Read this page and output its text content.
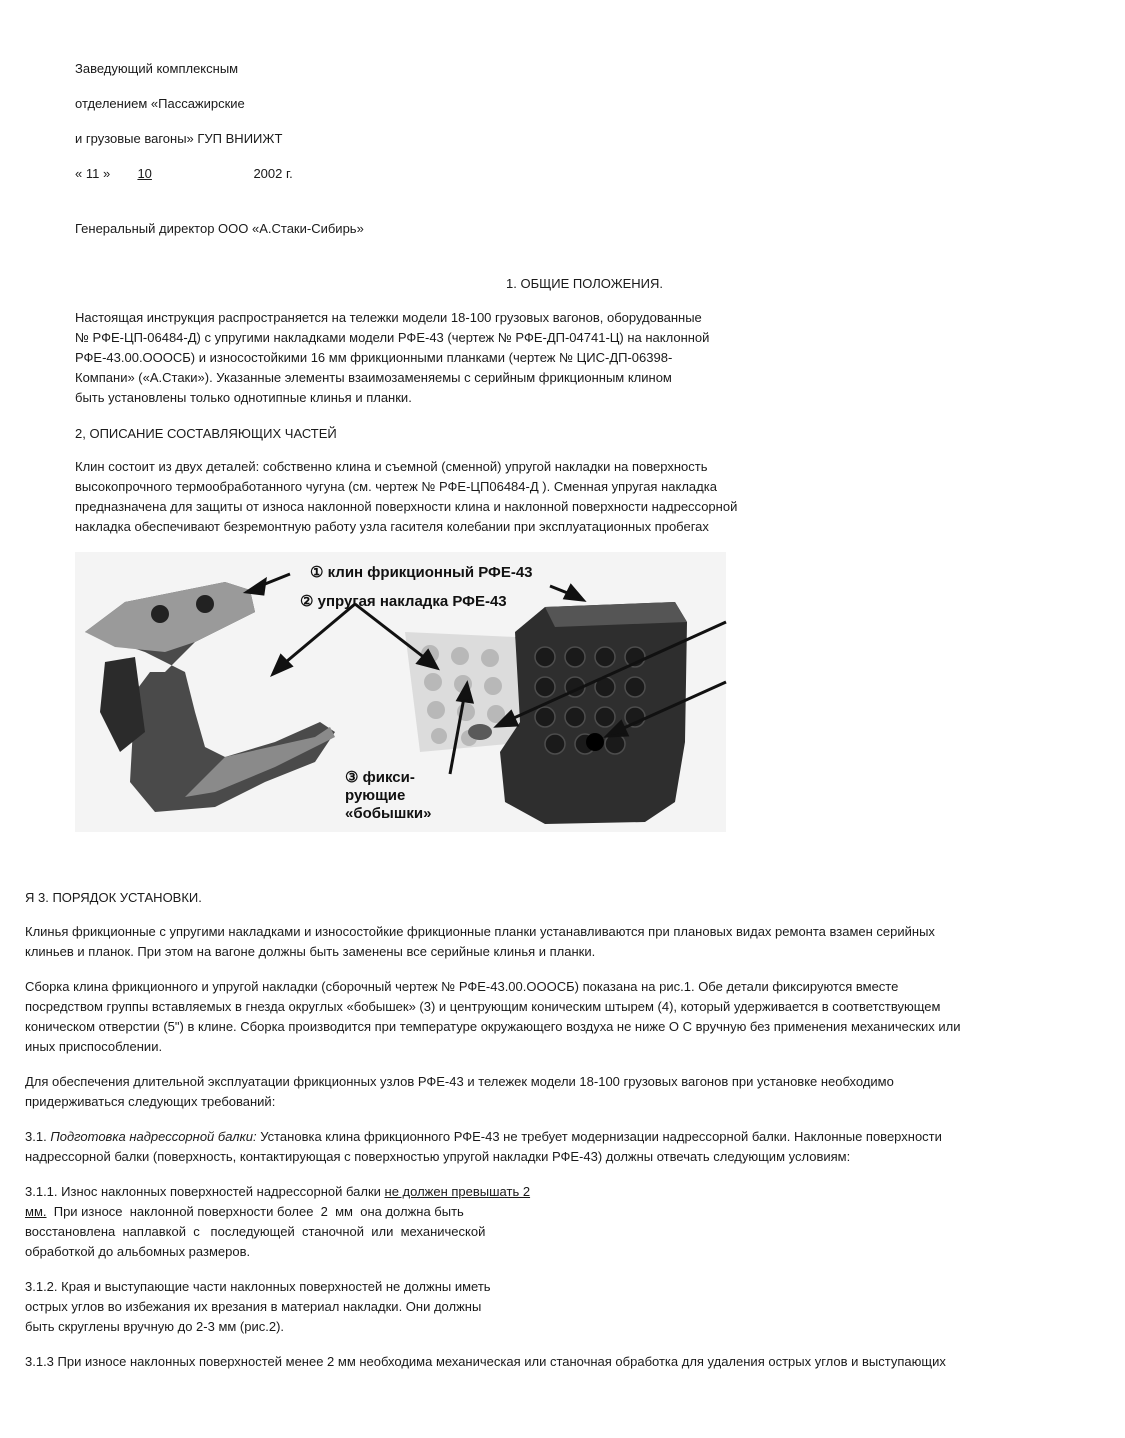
Заведующий комплексным
отделением «Пассажирские
и грузовые вагоны» ГУП ВНИИЖТ
« 11 » 10	2002 г.
Генеральный директор ООО «А.Стаки-Сибирь»
1. ОБЩИЕ ПОЛОЖЕНИЯ.
Настоящая инструкция распространяется на тележки модели 18-100 грузовых вагонов, оборудованные
№ РФЕ-ЦП-06484-Д) с упругими накладками модели РФЕ-43 (чертеж № РФЕ-ДП-04741-Ц) на наклонной
РФЕ-43.00.ОООСБ) и износостойкими 16 мм фрикционными планками (чертеж № ЦИС-ДП-06398-
Компани» («А.Стаки»). Указанные элементы взаимозаменяемы с серийным фрикционным клином
быть установлены только однотипные клинья и планки.
2, ОПИСАНИЕ СОСТАВЛЯЮЩИХ ЧАСТЕЙ
Клин состоит из двух деталей: собственно клина и съемной (сменной) упругой накладки на поверхность
высокопрочного термообработанного чугуна (см. чертеж № РФЕ-ЦП06484-Д ). Сменная упругая накладка
предназначена для защиты от износа наклонной поверхности клина и наклонной поверхности надрессорной
накладка обеспечивают безремонтную работу узла гасителя колебании при эксплуатационных пробегах
① клин фрикционный РФЕ-43
② упругая накладка РФЕ-43
③ фикси-
рующие
«бобышки»
Я 3. ПОРЯДОК УСТАНОВКИ.
Клинья фрикционные с упругими накладками и износостойкие фрикционные планки устанавливаются при плановых видах ремонта взамен серийных
клиньев и планок. При этом на вагоне должны быть заменены все серийные клинья и планки.
Сборка клина фрикционного и упругой накладки (сборочный чертеж № РФЕ-43.00.ОООСБ) показана на рис.1. Обе детали фиксируются вместе
посредством группы вставляемых в гнезда округлых «бобышек» (3) и центрующим коническим штырем (4), который удерживается в соответствующем
коническом отверстии (5") в клине. Сборка производится при температуре окружающего воздуха не ниже О С вручную без применения механических или
иных приспособлении.
Для обеспечения длительной эксплуатации фрикционных узлов РФЕ-43 и тележек модели 18-100 грузовых вагонов при установке необходимо
придерживаться следующих требований:
3.1. Подготовка надрессорной балки: Установка клина фрикционного РФЕ-43 не требует модернизации надрессорной балки. Наклонные поверхности
надрессорной балки (поверхность, контактирующая с поверхностью упругой накладки РФЕ-43) должны отвечать следующим условиям:
3.1.1. Износ наклонных поверхностей надрессорной балки не должен превышать 2
мм.  При износе  наклонной поверхности более  2  мм  она должна быть
восстановлена  наплавкой  с   последующей  станочной  или  механической
обработкой до альбомных размеров.
3.1.2. Края и выступающие части наклонных поверхностей не должны иметь
острых углов во избежания их врезания в материал накладки. Они должны
быть скруглены вручную до 2-3 мм (рис.2).
3.1.3 При износе наклонных поверхностей менее 2 мм необходима механическая или станочная обработка для удаления острых углов и выступающих
